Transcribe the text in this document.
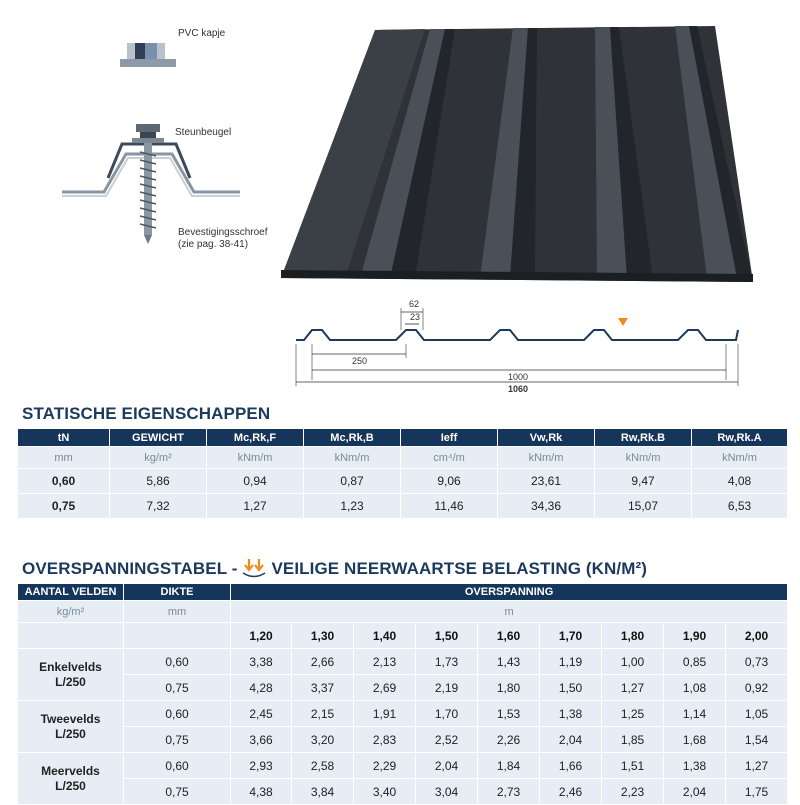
PVC kapje
Steunbeugel
Bevestigingsschroef
(zie pag. 38-41)
62
23
250
1000
1060
STATISCHE EIGENSCHAPPEN
tN	GEWICHT	Mc,Rk,F	Mc,Rk,B	Ieff	Vw,Rk	Rw,Rk.B	Rw,Rk.A
mm	kg/m²	kNm/m	kNm/m	cm⁴/m	kNm/m	kNm/m	kNm/m
0,60	5,86	0,94	0,87	9,06	23,61	9,47	4,08
0,75	7,32	1,27	1,23	11,46	34,36	15,07	6,53
OVERSPANNINGSTABEL - VEILIGE NEERWAARTSE BELASTING (KN/M²)
AANTAL VELDEN	DIKTE	OVERSPANNING								
kg/m²	mm	m								
		1,20	1,30	1,40	1,50	1,60	1,70	1,80	1,90	2,00

Enkelvelds
L/250	0,60	3,38	2,66	2,13	1,73	1,43	1,19	1,00	0,85	0,73
	0,75	4,28	3,37	2,69	2,19	1,80	1,50	1,27	1,08	0,92

Tweevelds
L/250	0,60	2,45	2,15	1,91	1,70	1,53	1,38	1,25	1,14	1,05
	0,75	3,66	3,20	2,83	2,52	2,26	2,04	1,85	1,68	1,54

Meervelds
L/250	0,60	2,93	2,58	2,29	2,04	1,84	1,66	1,51	1,38	1,27
	0,75	4,38	3,84	3,40	3,04	2,73	2,46	2,23	2,04	1,75
